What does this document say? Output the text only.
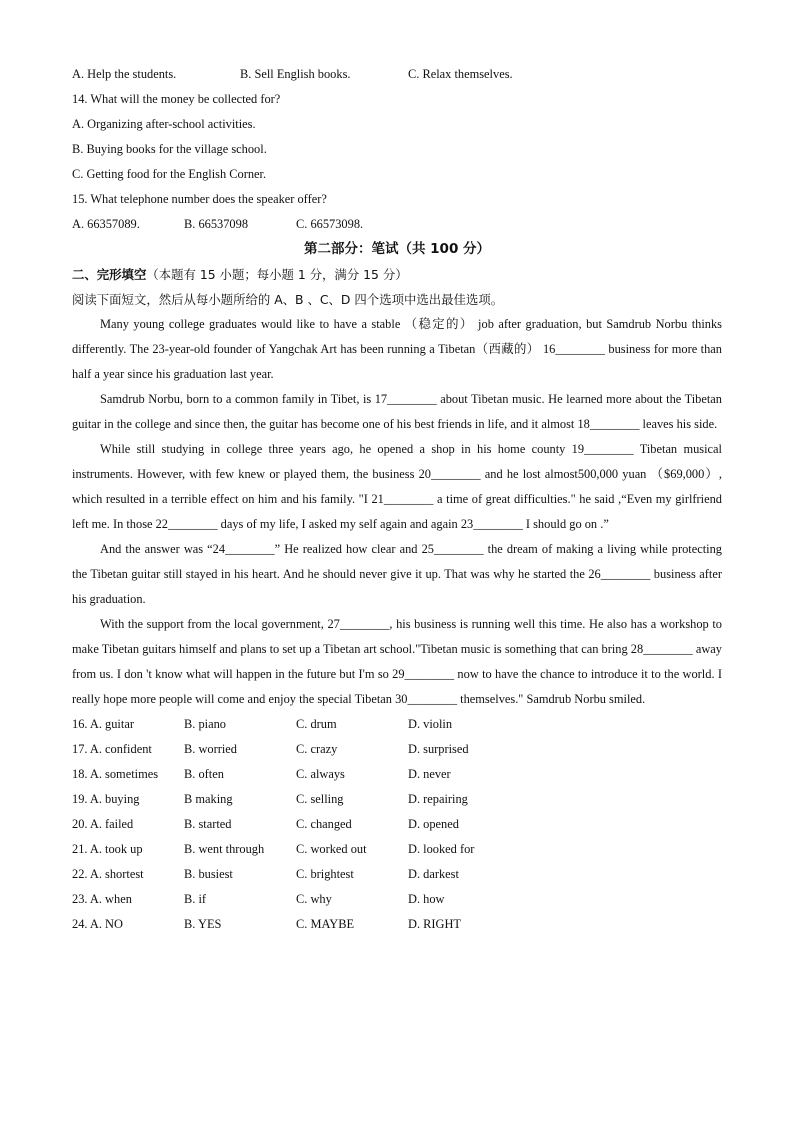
A. Help the students.	B. Sell English books.	C. Relax themselves.
14. What will the money be collected for?
A. Organizing after-school activities.
B. Buying books for the village school.
C. Getting food for the English Corner.
15. What telephone number does the speaker offer?
A. 66357089.	B. 66537098	C. 66573098.
第二部分：笔试（共 100 分）
二、完形填空（本题有 15 小题；每小题 1 分，满分 15 分）
阅读下面短文，然后从每小题所给的 A、B 、C、D 四个选项中选出最佳选项。

Many young college graduates would like to have a stable （稳定的） job after graduation, but Samdrub Norbu thinks differently. The 23-year-old founder of Yangchak Art has been running a Tibetan（西藏的） 16________ business for more than half a year since his graduation last year.

Samdrub Norbu, born to a common family in Tibet, is 17________ about Tibetan music. He learned more about the Tibetan guitar in the college and since then, the guitar has become one of his best friends in life, and it almost 18________ leaves his side.

While still studying in college three years ago, he opened a shop in his home county 19________ Tibetan musical instruments. However, with few knew or played them, the business 20________ and he lost almost500,000 yuan （$69,000）, which resulted in a terrible effect on him and his family. "I 21________ a time of great difficulties." he said ,“Even my girlfriend left me. In those 22________ days of my life, I asked my self again and again 23________ I should go on .”

And the answer was “24________” He realized how clear and 25________ the dream of making a living while protecting the Tibetan guitar still stayed in his heart. And he should never give it up. That was why he started the 26________ business after his graduation.

With the support from the local government, 27________, his business is running well this time. He also has a workshop to make Tibetan guitars himself and plans to set up a Tibetan art school."Tibetan music is something that can bring 28________ away from us. I don 't know what will happen in the future but I'm so 29________ now to have the chance to introduce it to the world. I really hope more people will come and enjoy the special Tibetan 30________ themselves." Samdrub Norbu smiled.

16. A. guitar	B. piano	C. drum	D. violin
17. A. confident	B. worried	C. crazy	D. surprised
18. A. sometimes B. often	C. always	D. never
19. A. buying	B making	C. selling	D. repairing
20. A. failed	B. started	C. changed	D. opened
21. A. took up	B. went through	C. worked out	D. looked for
22. A. shortest	B. busiest	C. brightest	D. darkest
23. A. when	B. if	C. why	D. how
24. A. NO	B. YES	C. MAYBE	D. RIGHT
